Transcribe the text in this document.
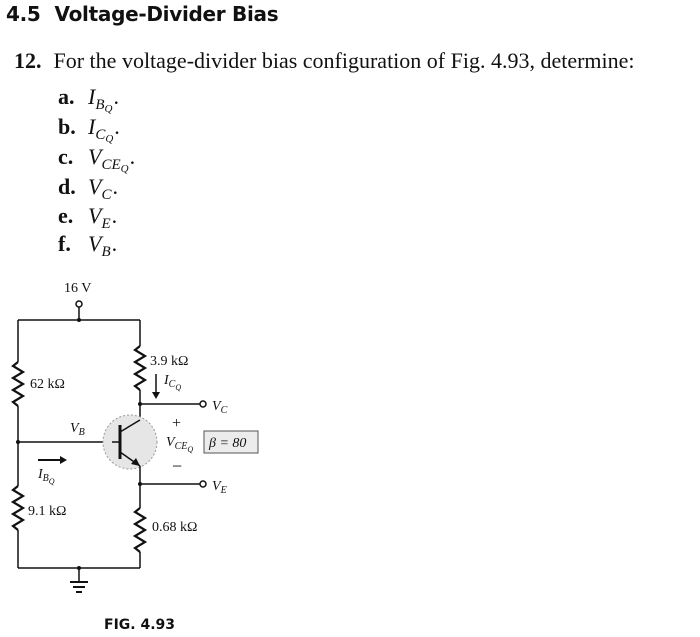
4.5 Voltage-Divider Bias
12. For the voltage-divider bias configuration of Fig. 4.93, determine:
a. $I_{BQ}$.
b. $I_{CQ}$.
c. $V_{CEQ}$.
d. $V_C$.
e. $V_E$.
f. $V_B$.
16 V
62 kΩ
9.1 kΩ
3.9 kΩ
0.68 kΩ
$V_B$
$I_{BQ}$
$I_{CQ}$
$V_C$
$V_E$
+
$V_{CEQ}$
−
β = 80
FIG. 4.93
